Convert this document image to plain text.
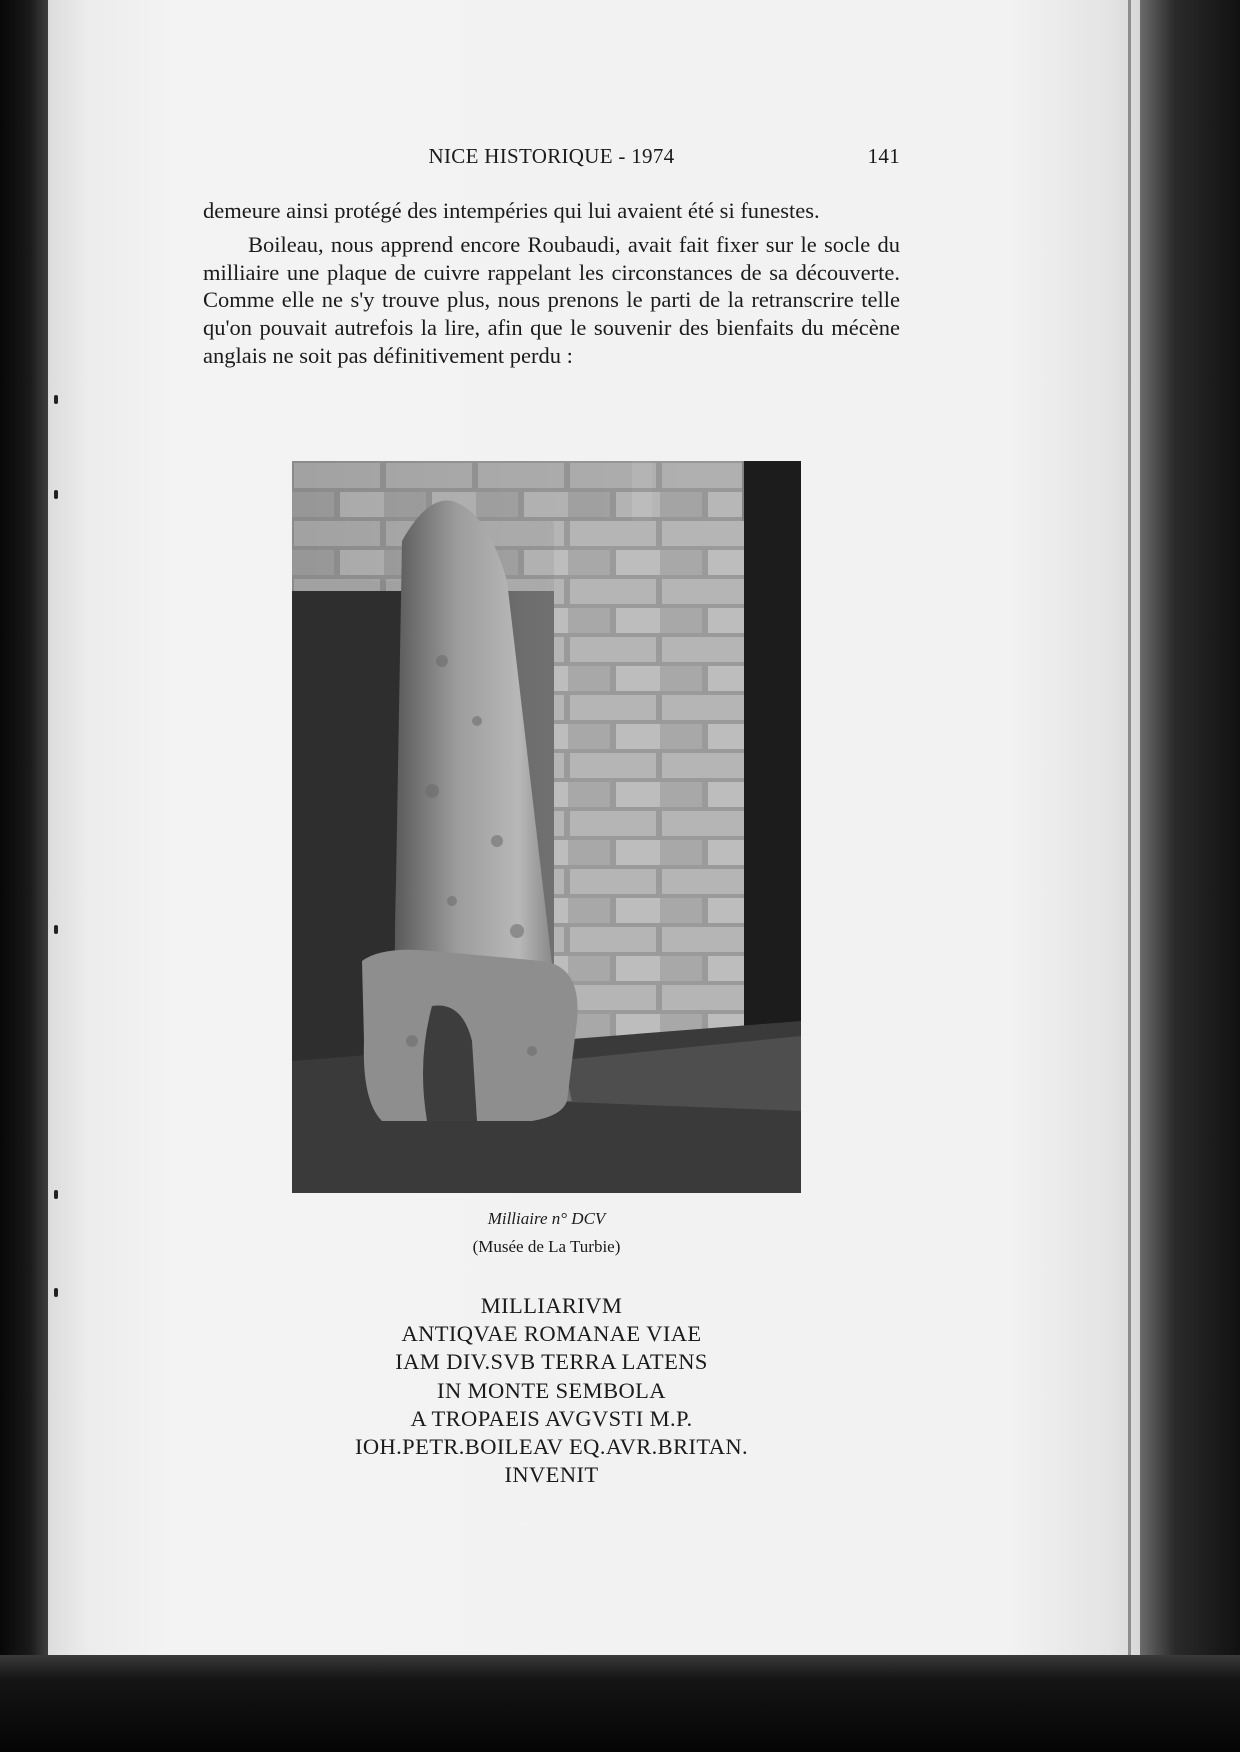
NICE HISTORIQUE - 1974	141

demeure ainsi protégé des intempéries qui lui avaient été si funestes.

Boileau, nous apprend encore Roubaudi, avait fait fixer sur le socle du milliaire une plaque de cuivre rappelant les circonstances de sa découverte. Comme elle ne s'y trouve plus, nous prenons le parti de la retranscrire telle qu'on pouvait autrefois la lire, afin que le souvenir des bienfaits du mécène anglais ne soit pas définitivement perdu :

Milliaire n° DCV
(Musée de La Turbie)
MILLIARIVM
ANTIQVAE ROMANAE VIAE
IAM DIV.SVB TERRA LATENS
IN MONTE SEMBOLA
A TROPAEIS AVGVSTI M.P.
IOH.PETR.BOILEAV EQ.AVR.BRITAN.
INVENIT
